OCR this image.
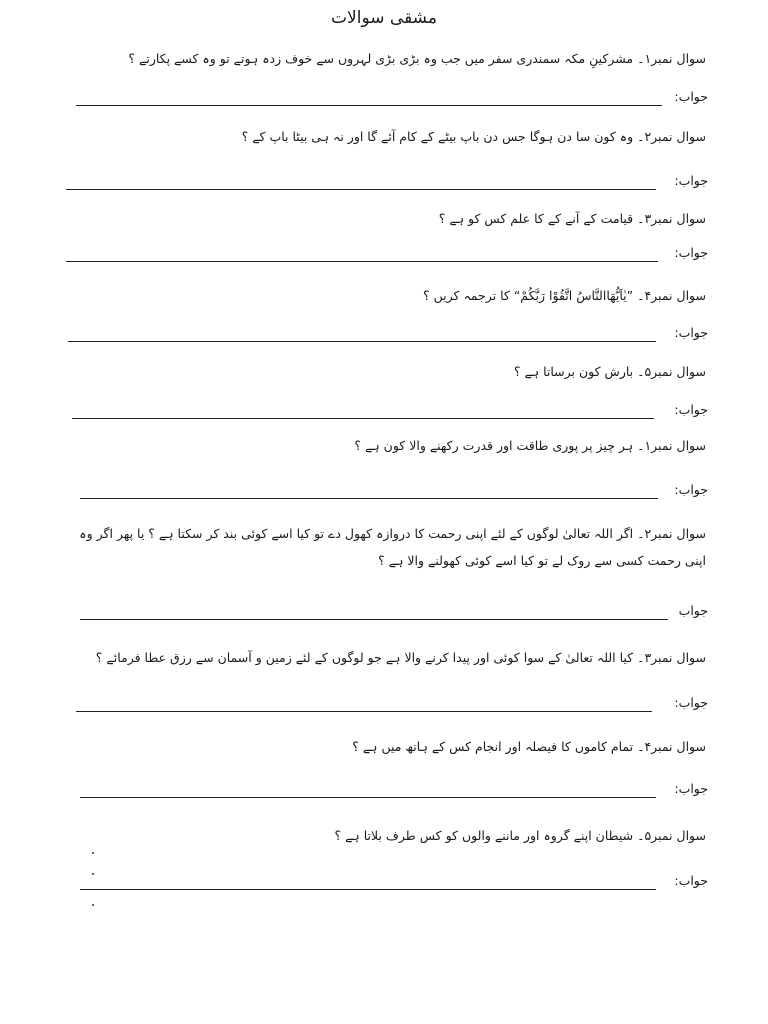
مشقی سوالات
سوال نمبر۱۔ مشرکینِ مکہ سمندری سفر میں جب وہ بڑی بڑی لہروں سے خوف زدہ ہوتے تو وہ کسے پکارتے ؟
جواب:
سوال نمبر۲۔ وہ کون سا دن ہوگا جس دن باپ بیٹے کے کام آئے گا اور نہ ہی بیٹا باپ کے ؟
جواب:
سوال نمبر۳۔ قیامت کے آنے کے کا علم کس کو ہے ؟
جواب:
سوال نمبر۴۔ ”یٰاَیُّھَاالنَّاسُ اتَّقُوْا رَبَّکُمْ“ کا ترجمہ کریں ؟
جواب:
سوال نمبر۵۔ بارش کون برساتا ہے ؟
جواب:
سوال نمبر۱۔ ہر چیز پر پوری طاقت اور قدرت رکھنے والا کون ہے ؟
جواب:
سوال نمبر۲۔ اگر اللہ تعالیٰ لوگوں کے لئے اپنی رحمت کا دروازہ کھول دے تو کیا اسے کوئی بند کر سکتا ہے ؟ یا پھر اگر وہ اپنی رحمت کسی سے روک لے تو کیا اسے کوئی کھولنے والا ہے ؟
جواب
سوال نمبر۳۔ کیا اللہ تعالیٰ کے سوا کوئی اور پیدا کرنے والا ہے جو لوگوں کے لئے زمین و آسمان سے رزق عطا فرمائے ؟
جواب:
سوال نمبر۴۔ تمام کاموں کا فیصلہ اور انجام کس کے ہاتھ میں ہے ؟
جواب:
سوال نمبر۵۔ شیطان اپنے گروہ اور ماننے والوں کو کس طرف بلاتا ہے ؟
جواب:
